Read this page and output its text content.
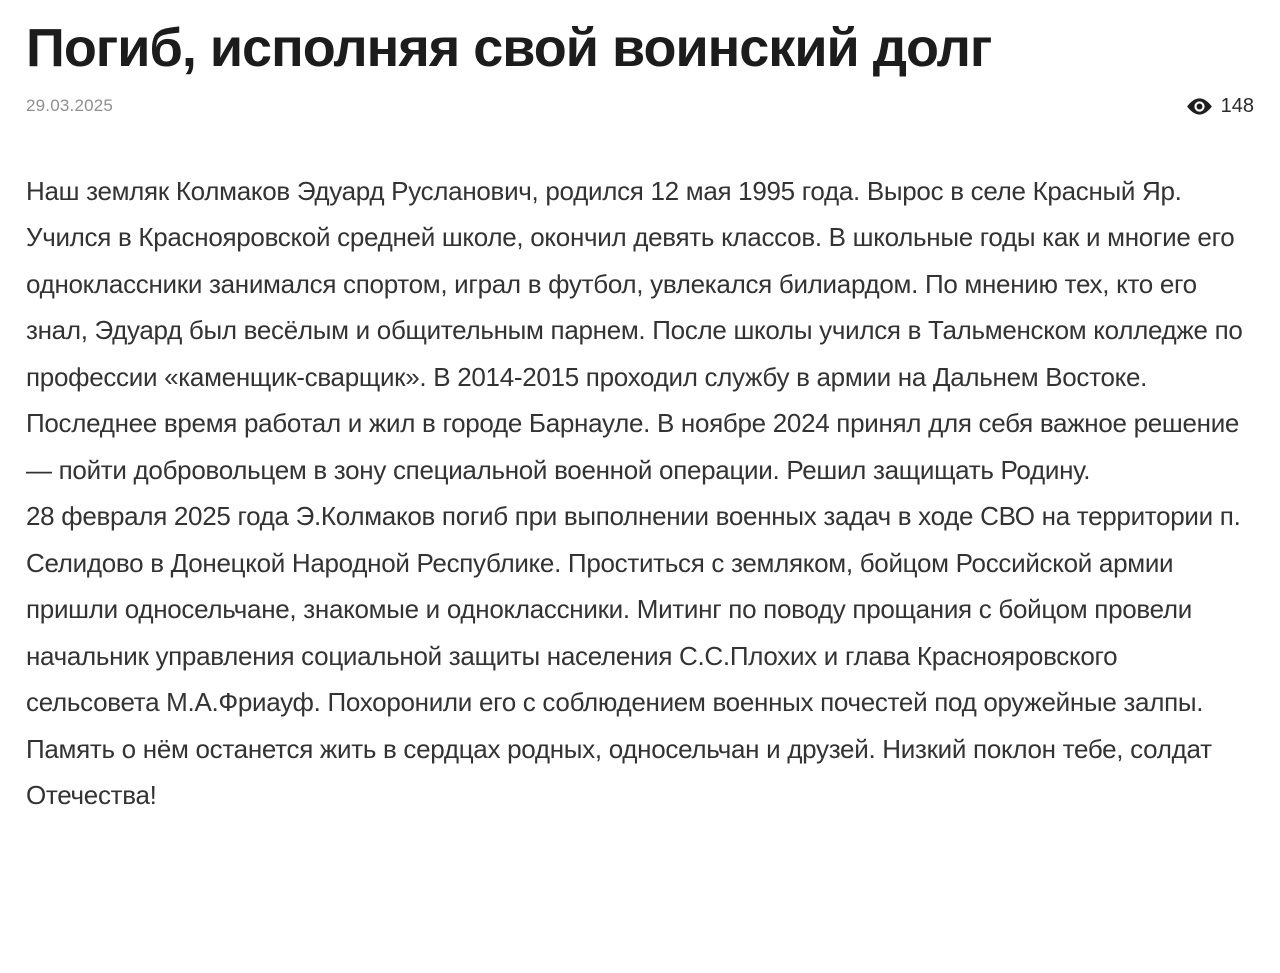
Погиб, исполняя свой воинский долг
29.03.2025	148

Наш земляк Колмаков Эдуард Русланович, родился 12 мая 1995 года. Вырос в селе Красный Яр. Учился в Краснояровской средней школе, окончил девять классов. В школьные годы как и многие его одноклассники занимался спортом, играл в футбол, увлекался билиардом. По мнению тех, кто его знал, Эдуард был весёлым и общительным парнем. После школы учился в Тальменском колледже по профессии «каменщик-сварщик». В 2014-2015 проходил службу в армии на Дальнем Востоке. Последнее время работал и жил в городе Барнауле. В ноябре 2024 принял для себя важное решение — пойти добровольцем в зону специальной военной операции. Решил защищать Родину.

28 февраля 2025 года Э.Колмаков погиб при выполнении военных задач в ходе СВО на территории п. Селидово в Донецкой Народной Республике. Проститься с земляком, бойцом Российской армии пришли односельчане, знакомые и одноклассники. Митинг по поводу прощания с бойцом провели начальник управления социальной защиты населения С.С.Плохих и глава Краснояровского сельсовета М.А.Фриауф. Похоронили его с соблюдением военных почестей под оружейные залпы.

Память о нём останется жить в сердцах родных, односельчан и друзей. Низкий поклон тебе, солдат Отечества!
